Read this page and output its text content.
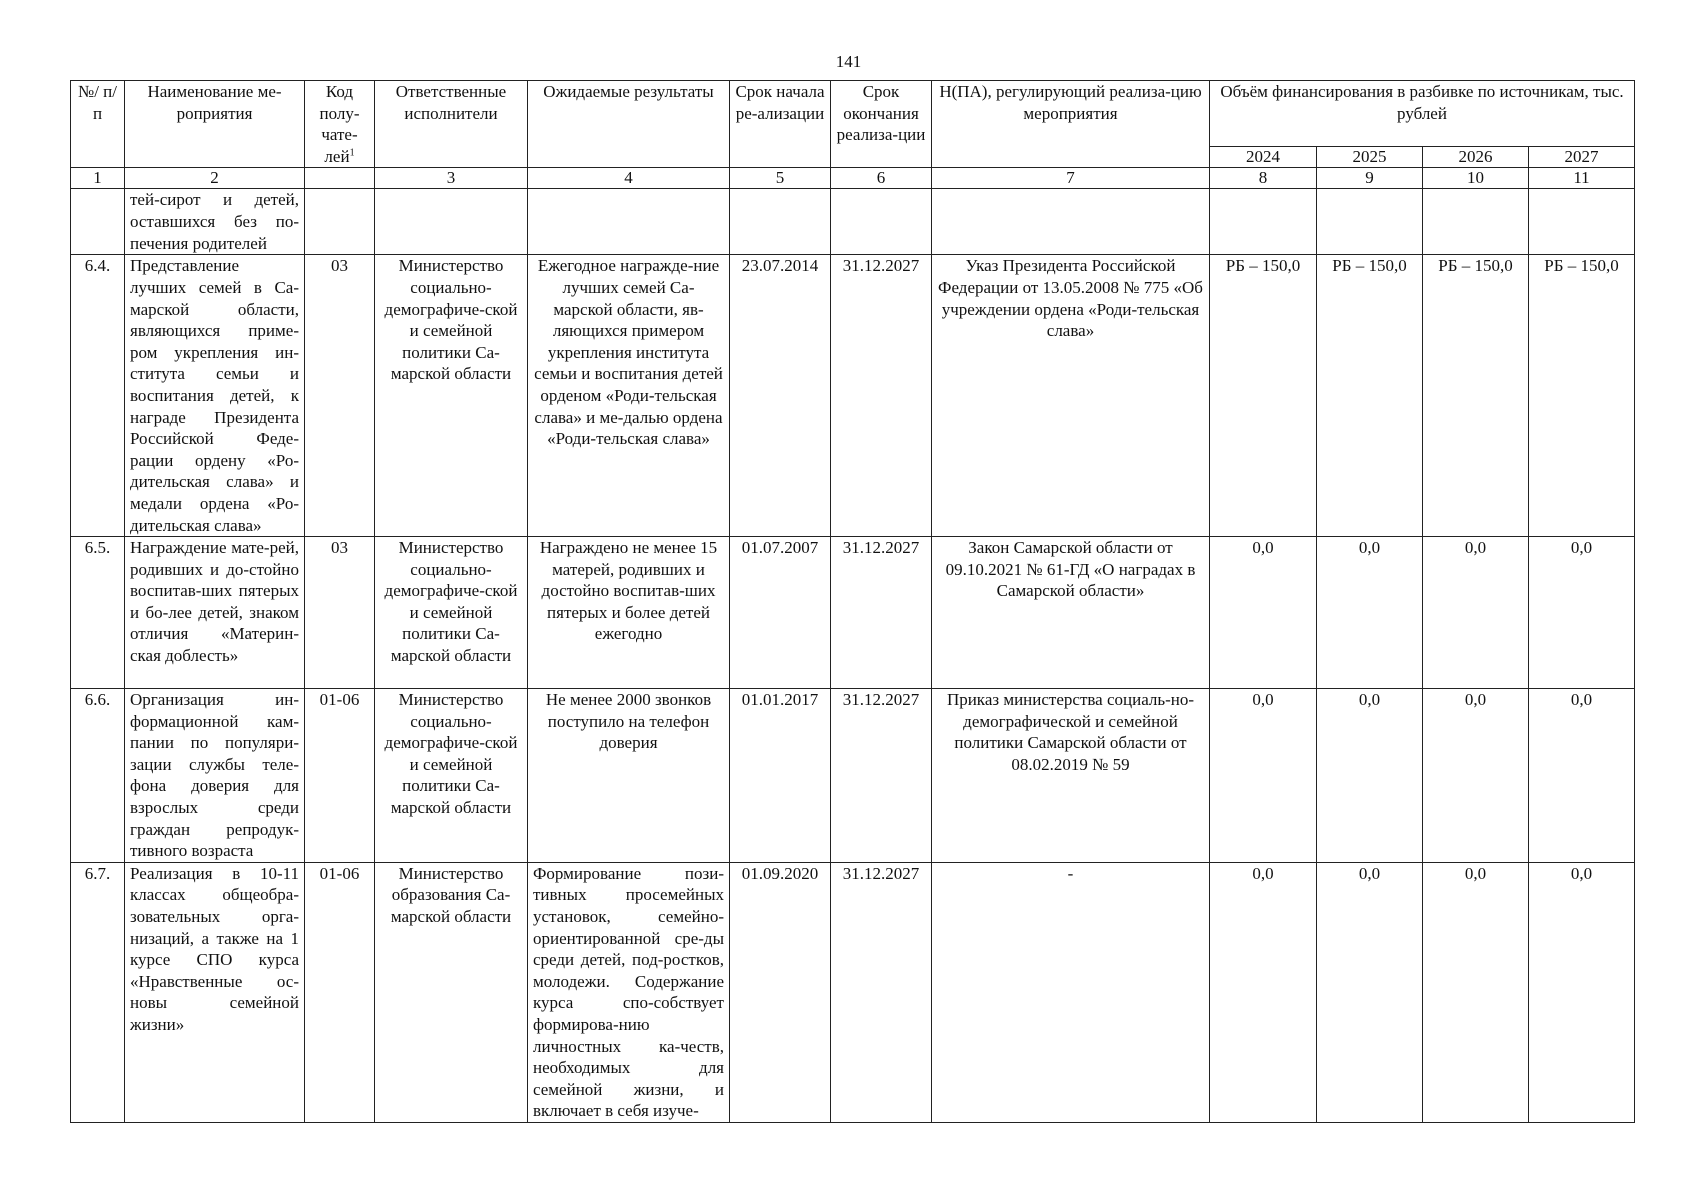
141
№/ п/п	Наименование ме-роприятия	Код полу-чате-лей$^1$	Ответственные исполнители	Ожидаемые результаты	Срок начала ре-ализации	Срок окончания реализа-ции	Н(ПА), регулирующий реализа-цию мероприятия	Объём финансирования в разбивке по источникам, тыс. рублей			
								2024	2025	2026	2027
1	2		3	4	5	6	7	8	9	10	11
	тей-сирот и детей, оставшихся без по-печения родителей										
6.4.	Представление лучших семей в Са-марской области, являющихся приме-ром укрепления ин-ститута семьи и воспитания детей, к награде Президента Российской Феде-рации ордену «Ро-дительская слава» и медали ордена «Ро-дительская слава»	03	Министерство социально-демографиче-ской и семейной политики Са-марской области	Ежегодное награжде-ние лучших семей Са-марской области, яв-ляющихся примером укрепления института семьи и воспитания детей орденом «Роди-тельская слава» и ме-далью ордена «Роди-тельская слава»	23.07.2014	31.12.2027	Указ Президента Российской Федерации от 13.05.2008 № 775 «Об учреждении ордена «Роди-тельская слава»	РБ – 150,0	РБ – 150,0	РБ – 150,0	РБ – 150,0
6.5.	Награждение мате-рей, родивших и до-стойно воспитав-ших пятерых и бо-лее детей, знаком отличия «Материн-ская доблесть»	03	Министерство социально-демографиче-ской и семейной политики Са-марской области	Награждено не менее 15 матерей, родивших и достойно воспитав-ших пятерых и более детей ежегодно	01.07.2007	31.12.2027	Закон Самарской области от 09.10.2021 № 61-ГД «О наградах в Самарской области»	0,0	0,0	0,0	0,0
6.6.	Организация ин-формационной кам-пании по популяри-зации службы теле-фона доверия для взрослых среди граждан репродук-тивного возраста	01-06	Министерство социально-демографиче-ской и семейной политики Са-марской области	Не менее 2000 звонков поступило на телефон доверия	01.01.2017	31.12.2027	Приказ министерства социаль-но-демографической и семейной политики Самарской области от 08.02.2019 № 59	0,0	0,0	0,0	0,0
6.7.	Реализация в 10-11 классах общеобра-зовательных орга-низаций, а также на 1 курсе СПО курса «Нравственные ос-новы семейной жизни»	01-06	Министерство образования Са-марской области	Формирование пози-тивных просемейных установок, семейно-ориентированной сре-ды среди детей, под-ростков, молодежи. Содержание курса спо-собствует формирова-нию личностных ка-честв, необходимых для семейной жизни, и включает в себя изуче-	01.09.2020	31.12.2027	-	0,0	0,0	0,0	0,0
